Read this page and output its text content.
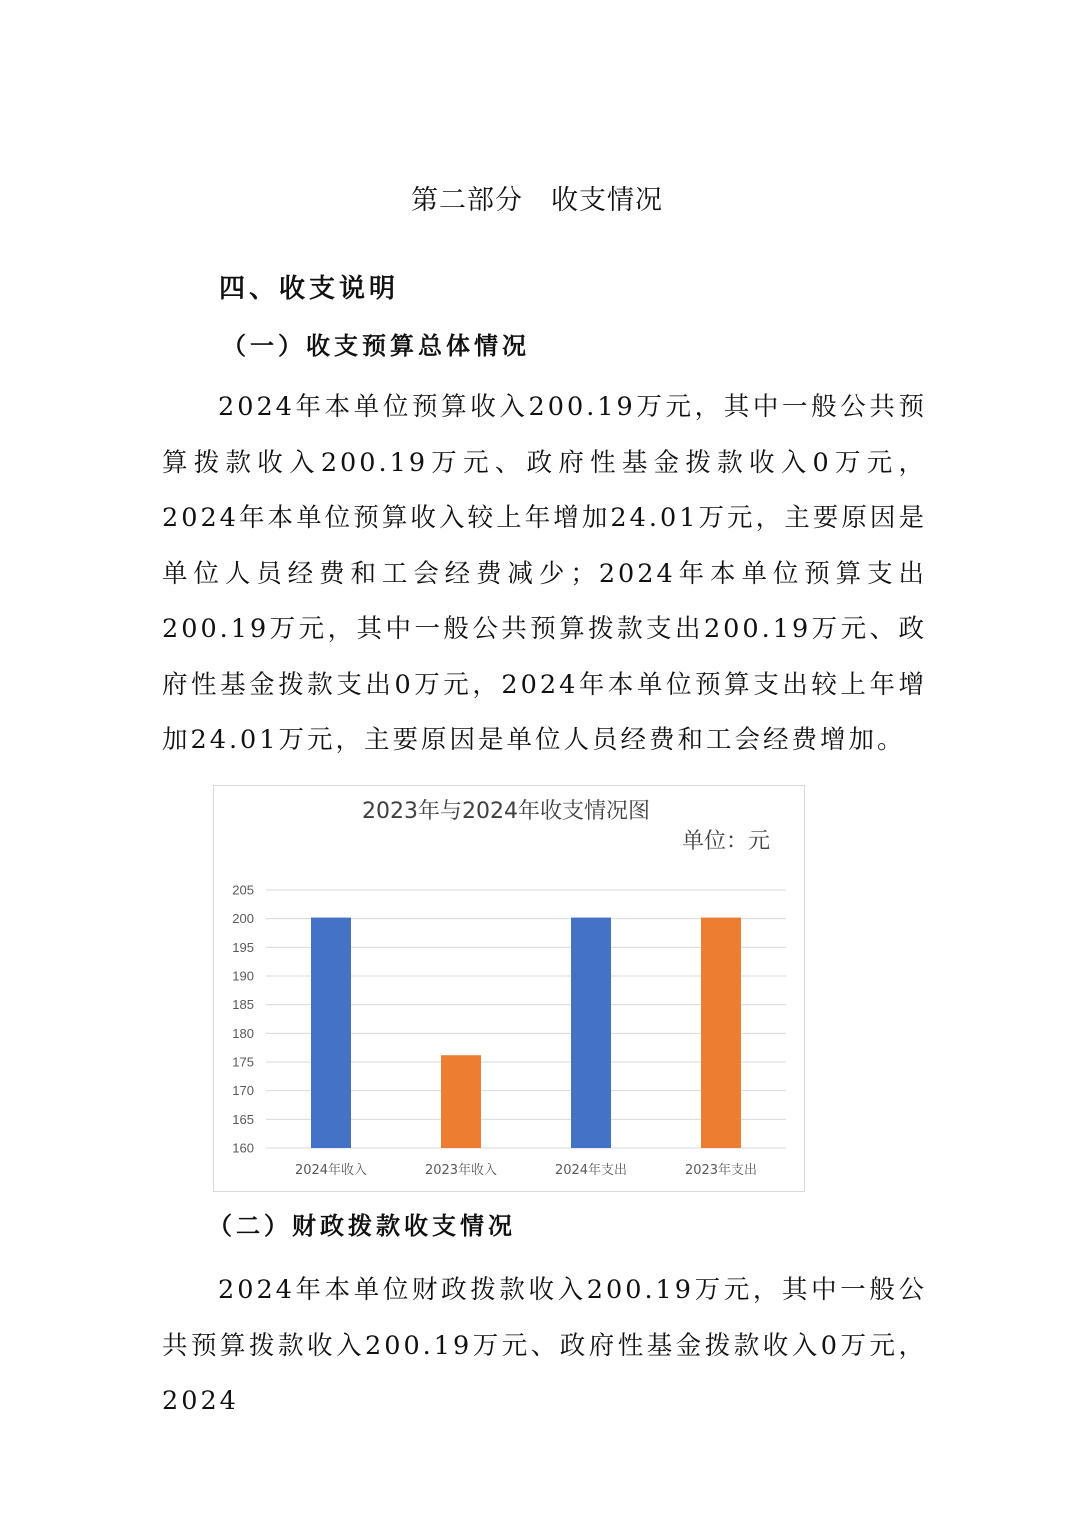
第二部分　收支情况
四、收支说明
（一）收支预算总体情况

2024年本单位预算收入200.19万元，其中一般公共预算拨款收入200.19万元、政府性基金拨款收入0万元，2024年本单位预算收入较上年增加24.01万元，主要原因是单位人员经费和工会经费减少；2024年本单位预算支出200.19万元，其中一般公共预算拨款支出200.19万元、政府性基金拨款支出0万元，2024年本单位预算支出较上年增加24.01万元，主要原因是单位人员经费和工会经费增加。

2023年与2024年收支情况图
单位：元
160
165
170
175
180
185
190
195
200
205
2024年收入	2023年收入	2024年支出	2023年支出
（二）财政拨款收支情况

2024年本单位财政拨款收入200.19万元，其中一般公共预算拨款收入200.19万元、政府性基金拨款收入0万元，2024
